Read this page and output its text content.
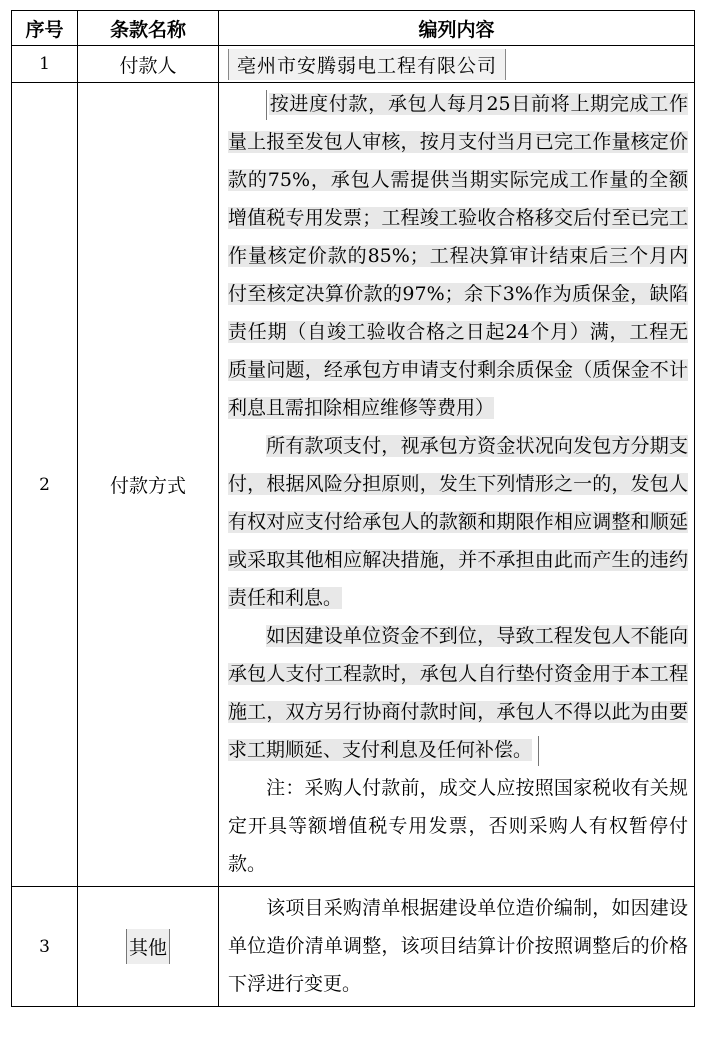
序号	条款名称	编列内容
1	付款人	亳州市安腾弱电工程有限公司
2	付款方式	按进度付款，承包人每月25日前将上期完成工作量上报至发包人审核，按月支付当月已完工作量核定价款的75%，承包人需提供当期实际完成工作量的全额增值税专用发票；工程竣工验收合格移交后付至已完工作量核定价款的85%；工程决算审计结束后三个月内付至核定决算价款的97%；余下3%作为质保金，缺陷责任期（自竣工验收合格之日起24个月）满，工程无质量问题，经承包方申请支付剩余质保金（质保金不计利息且需扣除相应维修等费用）
所有款项支付，视承包方资金状况向发包方分期支付，根据风险分担原则，发生下列情形之一的，发包人有权对应支付给承包人的款额和期限作相应调整和顺延或采取其他相应解决措施，并不承担由此而产生的违约责任和利息。
如因建设单位资金不到位，导致工程发包人不能向承包人支付工程款时，承包人自行垫付资金用于本工程施工，双方另行协商付款时间，承包人不得以此为由要求工期顺延、支付利息及任何补偿。
注：采购人付款前，成交人应按照国家税收有关规定开具等额增值税专用发票，否则采购人有权暂停付款。

3	其他	该项目采购清单根据建设单位造价编制，如因建设单位造价清单调整，该项目结算计价按照调整后的价格下浮进行变更。
